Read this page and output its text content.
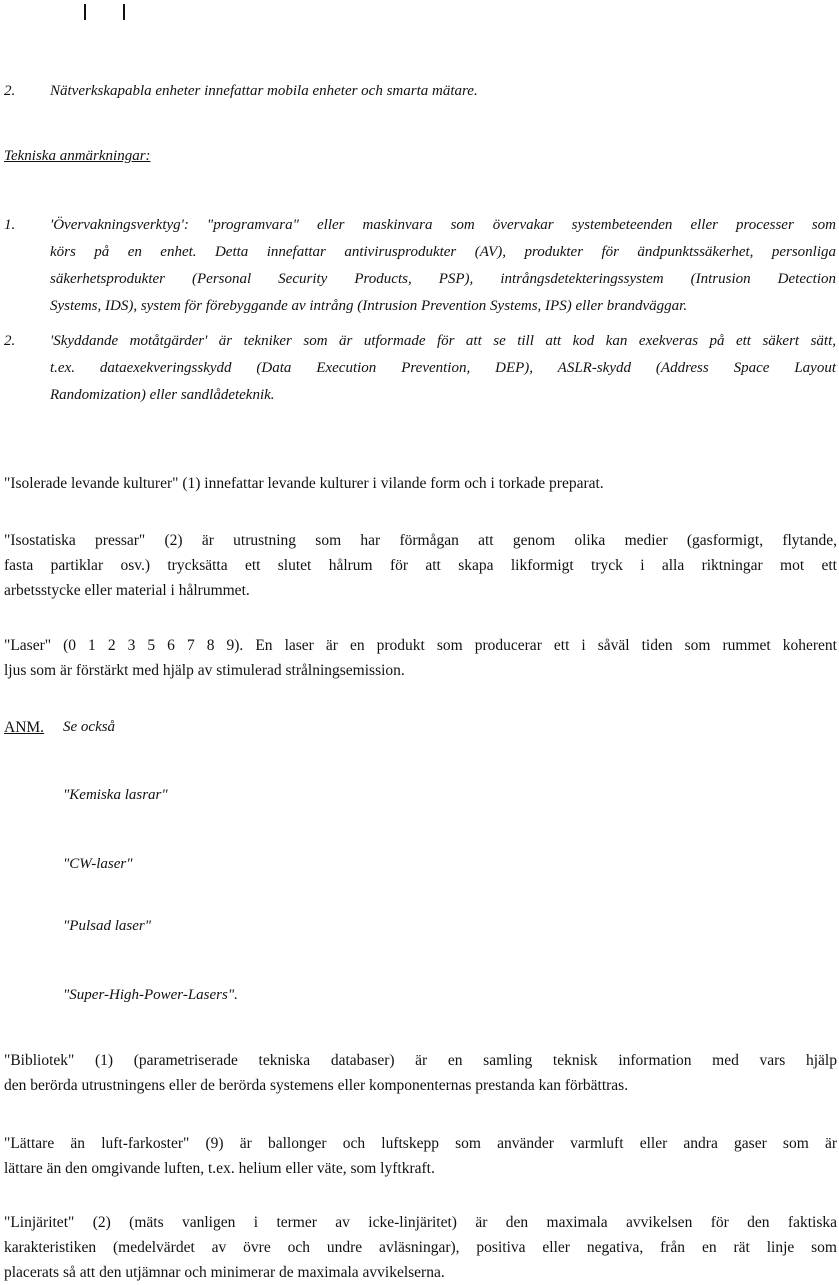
2. Nätverkskapabla enheter innefattar mobila enheter och smarta mätare.
Tekniska anmärkningar:
1. 'Övervakningsverktyg': "programvara" eller maskinvara som övervakar systembeteenden eller processer som
körs på en enhet. Detta innefattar antivirusprodukter (AV), produkter för ändpunktssäkerhet, personliga
säkerhetsprodukter (Personal Security Products, PSP), intrångsdetekteringssystem (Intrusion Detection
Systems, IDS), system för förebyggande av intrång (Intrusion Prevention Systems, IPS) eller brandväggar.
2. 'Skyddande motåtgärder' är tekniker som är utformade för att se till att kod kan exekveras på ett säkert sätt,
t.ex. dataexekveringsskydd (Data Execution Prevention, DEP), ASLR-skydd (Address Space Layout
Randomization) eller sandlådeteknik.
"Isolerade levande kulturer" (1) innefattar levande kulturer i vilande form och i torkade preparat.
"Isostatiska pressar" (2) är utrustning som har förmågan att genom olika medier (gasformigt, flytande,
fasta partiklar osv.) trycksätta ett slutet hålrum för att skapa likformigt tryck i alla riktningar mot ett
arbetsstycke eller material i hålrummet.
"Laser" (0 1 2 3 5 6 7 8 9). En laser är en produkt som producerar ett i såväl tiden som rummet koherent
ljus som är förstärkt med hjälp av stimulerad strålningsemission.
ANM. Se också
"Kemiska lasrar"
"CW-laser"
"Pulsad laser"
"Super-High-Power-Lasers".
"Bibliotek" (1) (parametriserade tekniska databaser) är en samling teknisk information med vars hjälp
den berörda utrustningens eller de berörda systemens eller komponenternas prestanda kan förbättras.
"Lättare än luft-farkoster" (9) är ballonger och luftskepp som använder varmluft eller andra gaser som är
lättare än den omgivande luften, t.ex. helium eller väte, som lyftkraft.
"Linjäritet" (2) (mäts vanligen i termer av icke-linjäritet) är den maximala avvikelsen för den faktiska
karakteristiken (medelvärdet av övre och undre avläsningar), positiva eller negativa, från en rät linje som
placerats så att den utjämnar och minimerar de maximala avvikelserna.
